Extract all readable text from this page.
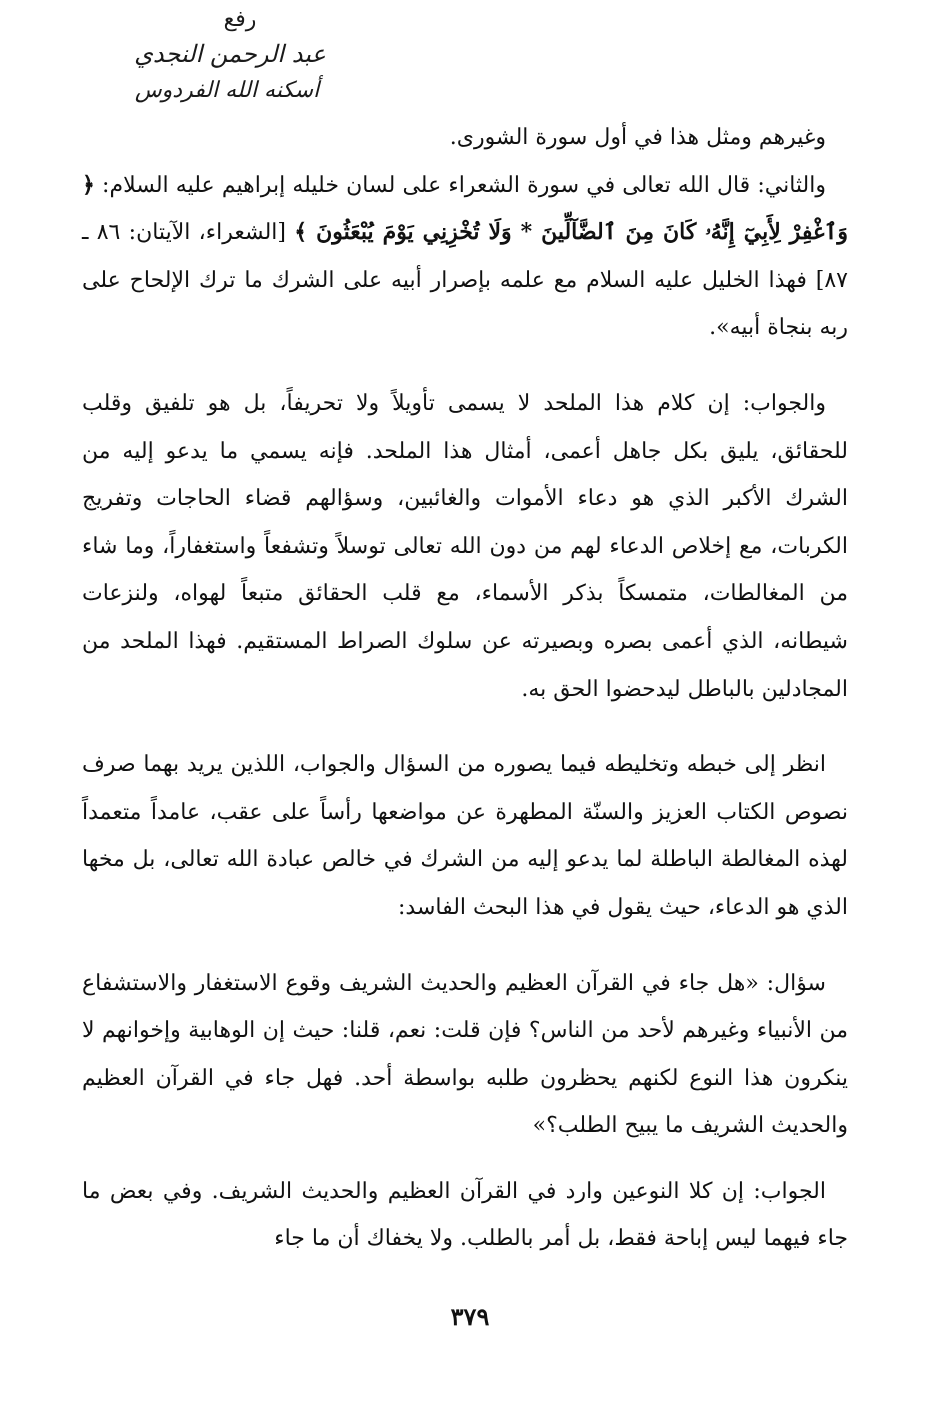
رفع
عبد الرحمن النجدي
أسكنه الله الفردوس

وغيرهم ومثل هذا في أول سورة الشورى.

والثاني: قال الله تعالى في سورة الشعراء على لسان خليله إبراهيم عليه السلام: ﴿ وَٱغْفِرْ لِأَبِيٓ إِنَّهُۥ كَانَ مِنَ ٱلضَّآلِّينَ * وَلَا تُخْزِنِي يَوْمَ يُبْعَثُونَ ﴾ [الشعراء، الآيتان: ٨٦ ـ ٨٧] فهذا الخليل عليه السلام مع علمه بإصرار أبيه على الشرك ما ترك الإلحاح على ربه بنجاة أبيه».

والجواب: إن كلام هذا الملحد لا يسمى تأويلاً ولا تحريفاً، بل هو تلفيق وقلب للحقائق، يليق بكل جاهل أعمى، أمثال هذا الملحد. فإنه يسمي ما يدعو إليه من الشرك الأكبر الذي هو دعاء الأموات والغائبين، وسؤالهم قضاء الحاجات وتفريج الكربات، مع إخلاص الدعاء لهم من دون الله تعالى توسلاً وتشفعاً واستغفاراً، وما شاء من المغالطات، متمسكاً بذكر الأسماء، مع قلب الحقائق متبعاً لهواه، ولنزعات شيطانه، الذي أعمى بصره وبصيرته عن سلوك الصراط المستقيم. فهذا الملحد من المجادلين بالباطل ليدحضوا الحق به.

انظر إلى خبطه وتخليطه فيما يصوره من السؤال والجواب، اللذين يريد بهما صرف نصوص الكتاب العزيز والسنّة المطهرة عن مواضعها رأساً على عقب، عامداً متعمداً لهذه المغالطة الباطلة لما يدعو إليه من الشرك في خالص عبادة الله تعالى، بل مخها الذي هو الدعاء، حيث يقول في هذا البحث الفاسد:

سؤال: «هل جاء في القرآن العظيم والحديث الشريف وقوع الاستغفار والاستشفاع من الأنبياء وغيرهم لأحد من الناس؟ فإن قلت: نعم، قلنا: حيث إن الوهابية وإخوانهم لا ينكرون هذا النوع لكنهم يحظرون طلبه بواسطة أحد. فهل جاء في القرآن العظيم والحديث الشريف ما يبيح الطلب؟»

الجواب: إن كلا النوعين وارد في القرآن العظيم والحديث الشريف. وفي بعض ما جاء فيهما ليس إباحة فقط، بل أمر بالطلب. ولا يخفاك أن ما جاء

٣٧٩
